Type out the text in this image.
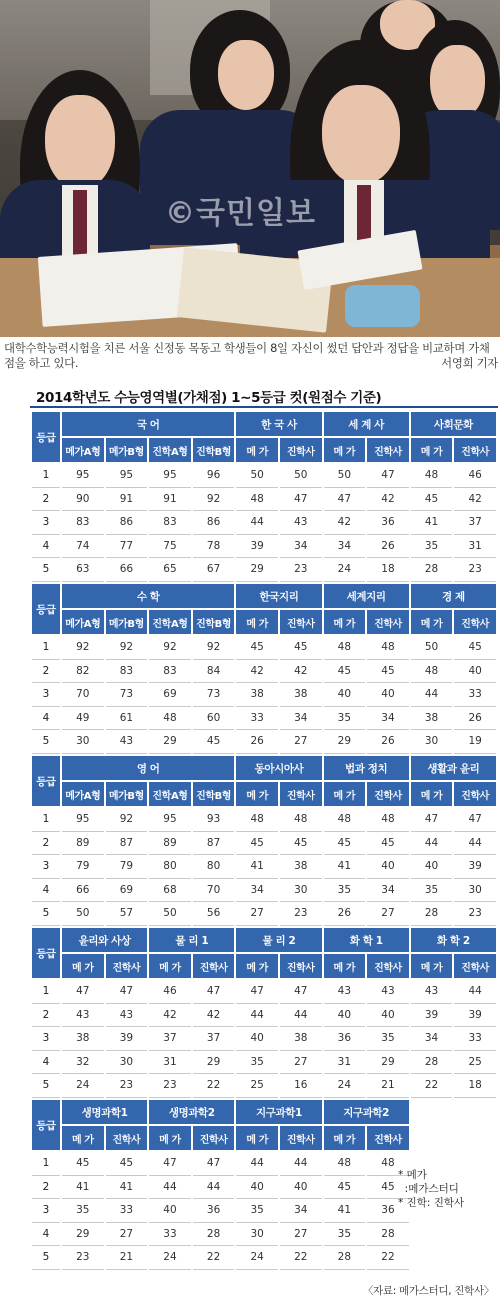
©국민일보
대학수학능력시험을 치른 서울 신정동 목동고 학생들이 8일 자신이 썼던 답안과 정답을 비교하며 가채점을 하고 있다.	서영희 기자
2014학년도 수능영역별(가채점) 1∼5등급 컷(원점수 기준)
등급	국 어				한 국 사		세 계 사		사회문화	
	메가A형	메가B형	진학A형	진학B형	메 가	진학사	메 가	진학사	메 가	진학사
1	95	95	95	96	50	50	50	47	48	46
2	90	91	91	92	48	47	47	42	45	42
3	83	86	83	86	44	43	42	36	41	37
4	74	77	75	78	39	34	34	26	35	31
5	63	66	65	67	29	23	24	18	28	23
등급	수 학				한국지리		세계지리		경 제	
	메가A형	메가B형	진학A형	진학B형	메 가	진학사	메 가	진학사	메 가	진학사
1	92	92	92	92	45	45	48	48	50	45
2	82	83	83	84	42	42	45	45	48	40
3	70	73	69	73	38	38	40	40	44	33
4	49	61	48	60	33	34	35	34	38	26
5	30	43	29	45	26	27	29	26	30	19
등급	영 어				동아시아사		법과 정치		생활과 윤리	
	메가A형	메가B형	진학A형	진학B형	메 가	진학사	메 가	진학사	메 가	진학사
1	95	92	95	93	48	48	48	48	47	47
2	89	87	89	87	45	45	45	45	44	44
3	79	79	80	80	41	38	41	40	40	39
4	66	69	68	70	34	30	35	34	35	30
5	50	57	50	56	27	23	26	27	28	23
등급	윤리와 사상		물 리 1		물 리 2		화 학 1		화 학 2	
	메 가	진학사	메 가	진학사	메 가	진학사	메 가	진학사	메 가	진학사
1	47	47	46	47	47	47	43	43	43	44
2	43	43	42	42	44	44	40	40	39	39
3	38	39	37	37	40	38	36	35	34	33
4	32	30	31	29	35	27	31	29	28	25
5	24	23	23	22	25	16	24	21	22	18
등급	생명과학1		생명과학2		지구과학1		지구과학2		
	메 가	진학사	메 가	진학사	메 가	진학사	메 가	진학사	
1	45	45	47	47	44	44	48	48	
2	41	41	44	44	40	40	45	45	
3	35	33	40	36	35	34	41	36	
4	29	27	33	28	30	27	35	28	
5	23	21	24	22	24	22	28	22	
* 메가
:메가스터디
* 진학: 진학사
〈자료: 메가스터디, 진학사〉
